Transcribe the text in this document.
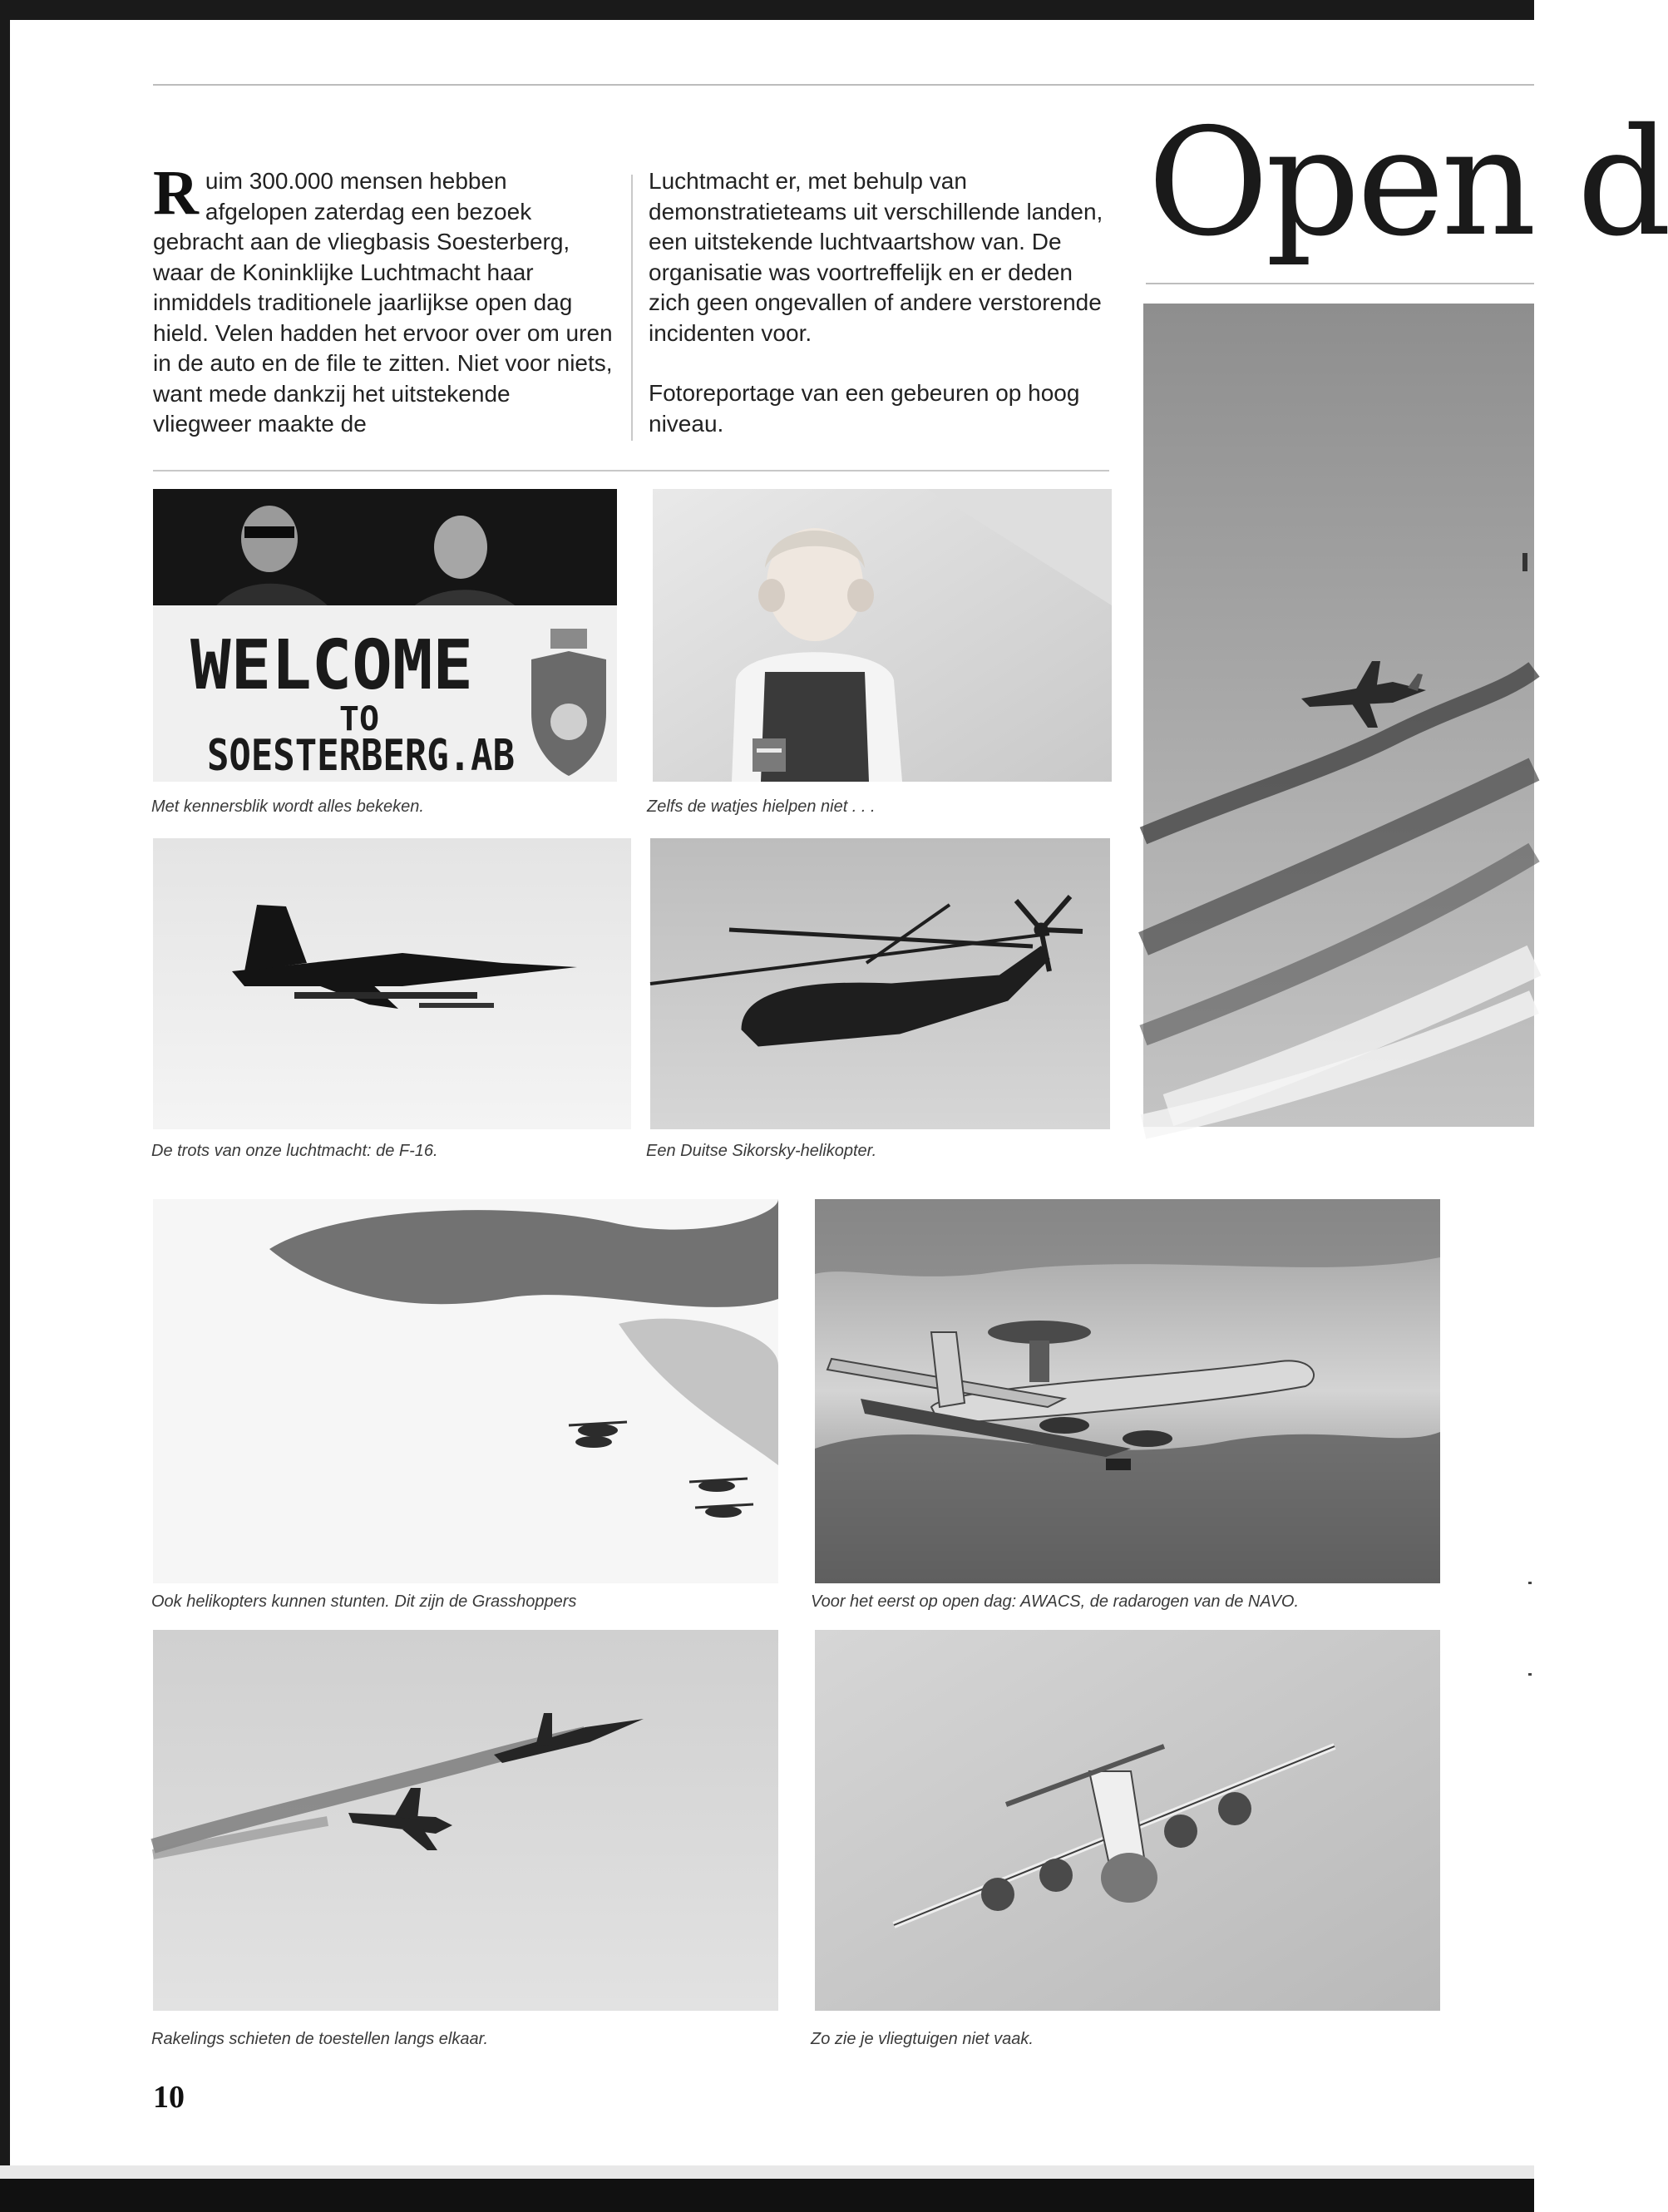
Ruim 300.000 mensen hebben afgelopen zaterdag een bezoek gebracht aan de vliegbasis Soesterberg, waar de Koninklijke Luchtmacht haar inmiddels traditionele jaarlijkse open dag hield. Velen hadden het ervoor over om uren in de auto en de file te zitten. Niet voor niets, want mede dankzij het uitstekende vliegweer maakte de

Luchtmacht er, met behulp van demonstratieteams uit verschillende landen, een uitstekende luchtvaartshow van. De organisatie was voortreffelijk en er deden zich geen ongevallen of andere verstorende incidenten voor.

Fotoreportage van een gebeuren op hoog niveau.

Open d
WELCOME
TO
SOESTERBERG.AB

Met kennersblik wordt alles bekeken.	Zelfs de watjes hielpen niet . . .

De trots van onze luchtmacht: de F-16.	Een Duitse Sikorsky-helikopter.

Ook helikopters kunnen stunten. Dit zijn de Grasshoppers	Voor het eerst op open dag: AWACS, de radarogen van de NAVO.

Rakelings schieten de toestellen langs elkaar.	Zo zie je vliegtuigen niet vaak.

10
